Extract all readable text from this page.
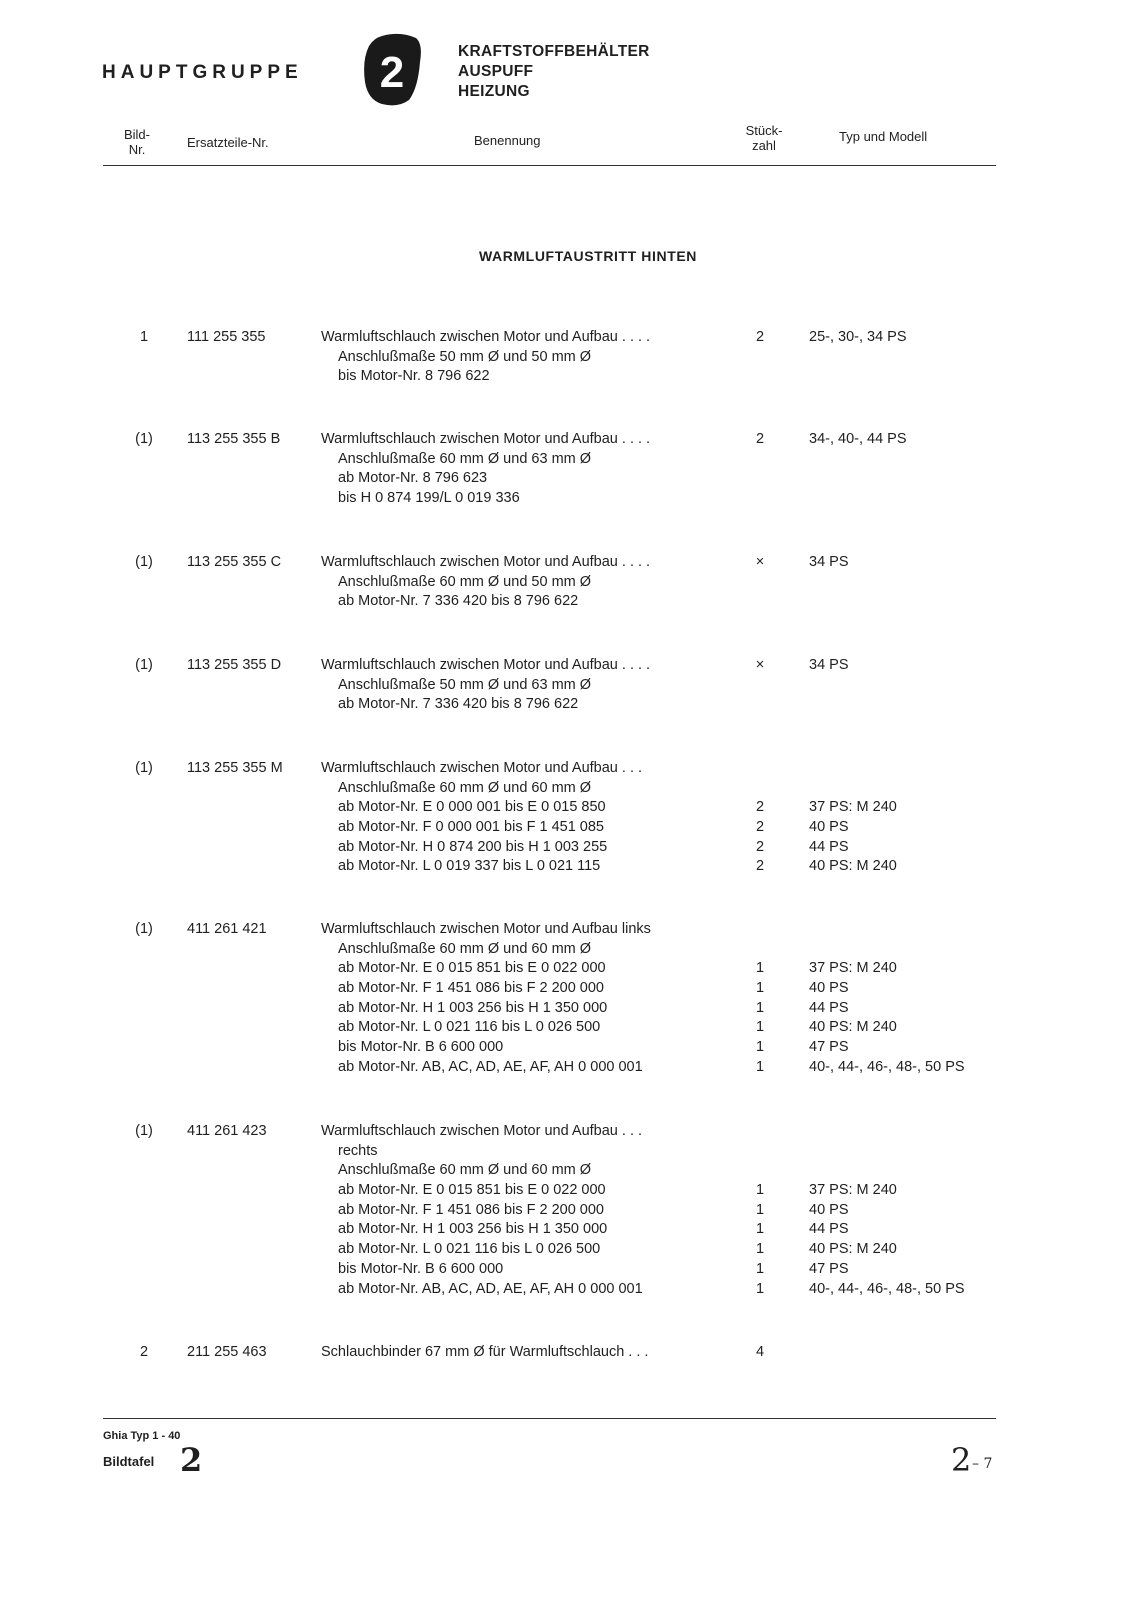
HAUPTGRUPPE 2	KRAFTSTOFFBEHÄLTER
AUSPUFF
HEIZUNG
Bild-
Nr.	Ersatzteile-Nr.	Benennung
Stück-
zahl
Typ und Modell
WARMLUFTAUSTRITT HINTEN
1	111 255 355	Warmluftschlauch zwischen Motor und Aufbau . . . .	2	25-, 30-, 34 PS
Anschlußmaße 50 mm Ø und 50 mm Ø
bis Motor-Nr. 8 796 622
(1)	113 255 355 B	Warmluftschlauch zwischen Motor und Aufbau . . . .	2	34-, 40-, 44 PS
Anschlußmaße 60 mm Ø und 63 mm Ø
ab Motor-Nr. 8 796 623
bis H 0 874 199/L 0 019 336
(1)	113 255 355 C	Warmluftschlauch zwischen Motor und Aufbau . . . .	×	34 PS
Anschlußmaße 60 mm Ø und 50 mm Ø
ab Motor-Nr. 7 336 420 bis 8 796 622
(1)	113 255 355 D	Warmluftschlauch zwischen Motor und Aufbau . . . .	×	34 PS
Anschlußmaße 50 mm Ø und 63 mm Ø
ab Motor-Nr. 7 336 420 bis 8 796 622
(1)	113 255 355 M	Warmluftschlauch zwischen Motor und Aufbau . . .
Anschlußmaße 60 mm Ø und 60 mm Ø
ab Motor-Nr. E 0 000 001 bis E 0 015 850	2	37 PS: M 240
ab Motor-Nr. F 0 000 001 bis F 1 451 085	2	40 PS
ab Motor-Nr. H 0 874 200 bis H 1 003 255	2	44 PS
ab Motor-Nr. L 0 019 337 bis L 0 021 115	2	40 PS: M 240
(1)	411 261 421	Warmluftschlauch zwischen Motor und Aufbau links
Anschlußmaße 60 mm Ø und 60 mm Ø
ab Motor-Nr. E 0 015 851 bis E 0 022 000	1	37 PS: M 240
ab Motor-Nr. F 1 451 086 bis F 2 200 000	1	40 PS
ab Motor-Nr. H 1 003 256 bis H 1 350 000	1	44 PS
ab Motor-Nr. L 0 021 116 bis L 0 026 500	1	40 PS: M 240
bis Motor-Nr. B 6 600 000	1	47 PS
ab Motor-Nr. AB, AC, AD, AE, AF, AH 0 000 001	1	40-, 44-, 46-, 48-, 50 PS
(1)	411 261 423	Warmluftschlauch zwischen Motor und Aufbau . . .
rechts
Anschlußmaße 60 mm Ø und 60 mm Ø
ab Motor-Nr. E 0 015 851 bis E 0 022 000	1	37 PS: M 240
ab Motor-Nr. F 1 451 086 bis F 2 200 000	1	40 PS
ab Motor-Nr. H 1 003 256 bis H 1 350 000	1	44 PS
ab Motor-Nr. L 0 021 116 bis L 0 026 500	1	40 PS: M 240
bis Motor-Nr. B 6 600 000	1	47 PS
ab Motor-Nr. AB, AC, AD, AE, AF, AH 0 000 001	1	40-, 44-, 46-, 48-, 50 PS
2	211 255 463	Schlauchbinder 67 mm Ø für Warmluftschlauch . . .	4
Ghia Typ 1 - 40
Bildtafel 2	2 – 7
